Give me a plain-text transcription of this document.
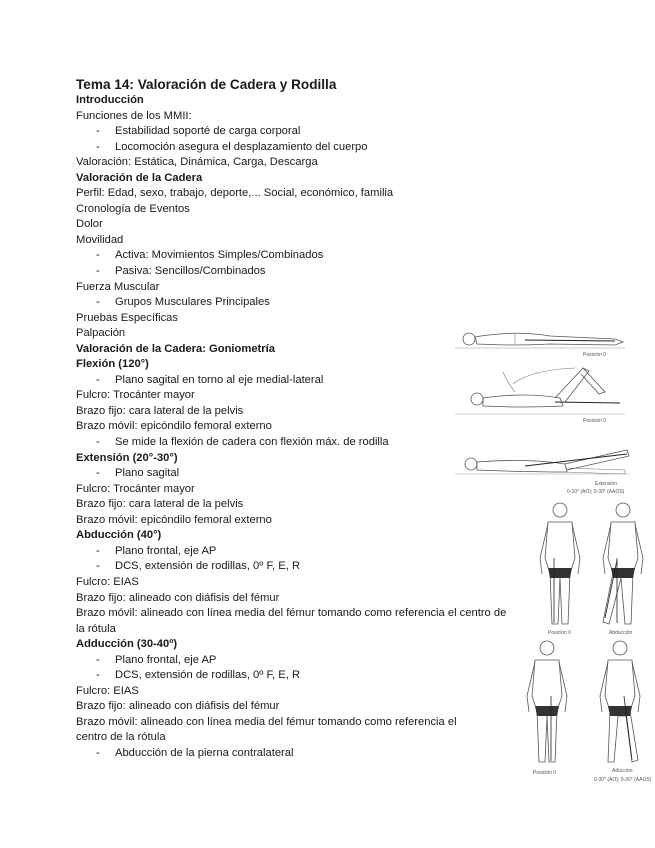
Tema 14: Valoración de Cadera y Rodilla
Introducción
Funciones de los MMII:
- Estabilidad soporté de carga corporal
- Locomoción asegura el desplazamiento del cuerpo
Valoración: Estática, Dinámica, Carga, Descarga
Valoración de la Cadera
Perfil: Edad, sexo, trabajo, deporte,... Social, económico, familia
Cronología de Eventos
Dolor
Movilidad
- Activa: Movimientos Simples/Combinados
- Pasiva: Sencillos/Combinados
Fuerza Muscular
- Grupos Musculares Principales
Pruebas Específicas
Palpación
Valoración de la Cadera: Goniometría
Flexión (120°)
- Plano sagital en torno al eje medial-lateral
Fulcro: Trocánter mayor
Brazo fijo: cara lateral de la pelvis
Brazo móvil: epicóndilo femoral externo
- Se mide la flexión de cadera con flexión máx. de rodilla
Extensión (20°-30°)
- Plano sagital
Fulcro: Trocánter mayor
Brazo fijo: cara lateral de la pelvis
Brazo móvil: epicóndilo femoral externo
Abducción (40°)
- Plano frontal, eje AP
- DCS, extensión de rodillas, 0º F, E, R
Fulcro: EIAS
Brazo fijo: alineado con diáfisis del fémur
Brazo móvil: alineado con línea media del fémur tomando como referencia el centro de la rótula
Adducción (30-40º)
- Plano frontal, eje AP
- DCS, extensión de rodillas, 0º F, E, R
Fulcro: EIAS
Brazo fijo: alineado con diáfisis del fémur
Brazo móvil: alineado con línea media del fémur tomando como referencia el centro de la rótula
- Abducción de la pierna contralateral
Posición 0
Posición 0
Extensión
0-10° (AO); 0-30° (AAOS)
Posición 0	Abducción
Posición 0	Aducción
0-30° (AO); 0-30° (AAOS)
